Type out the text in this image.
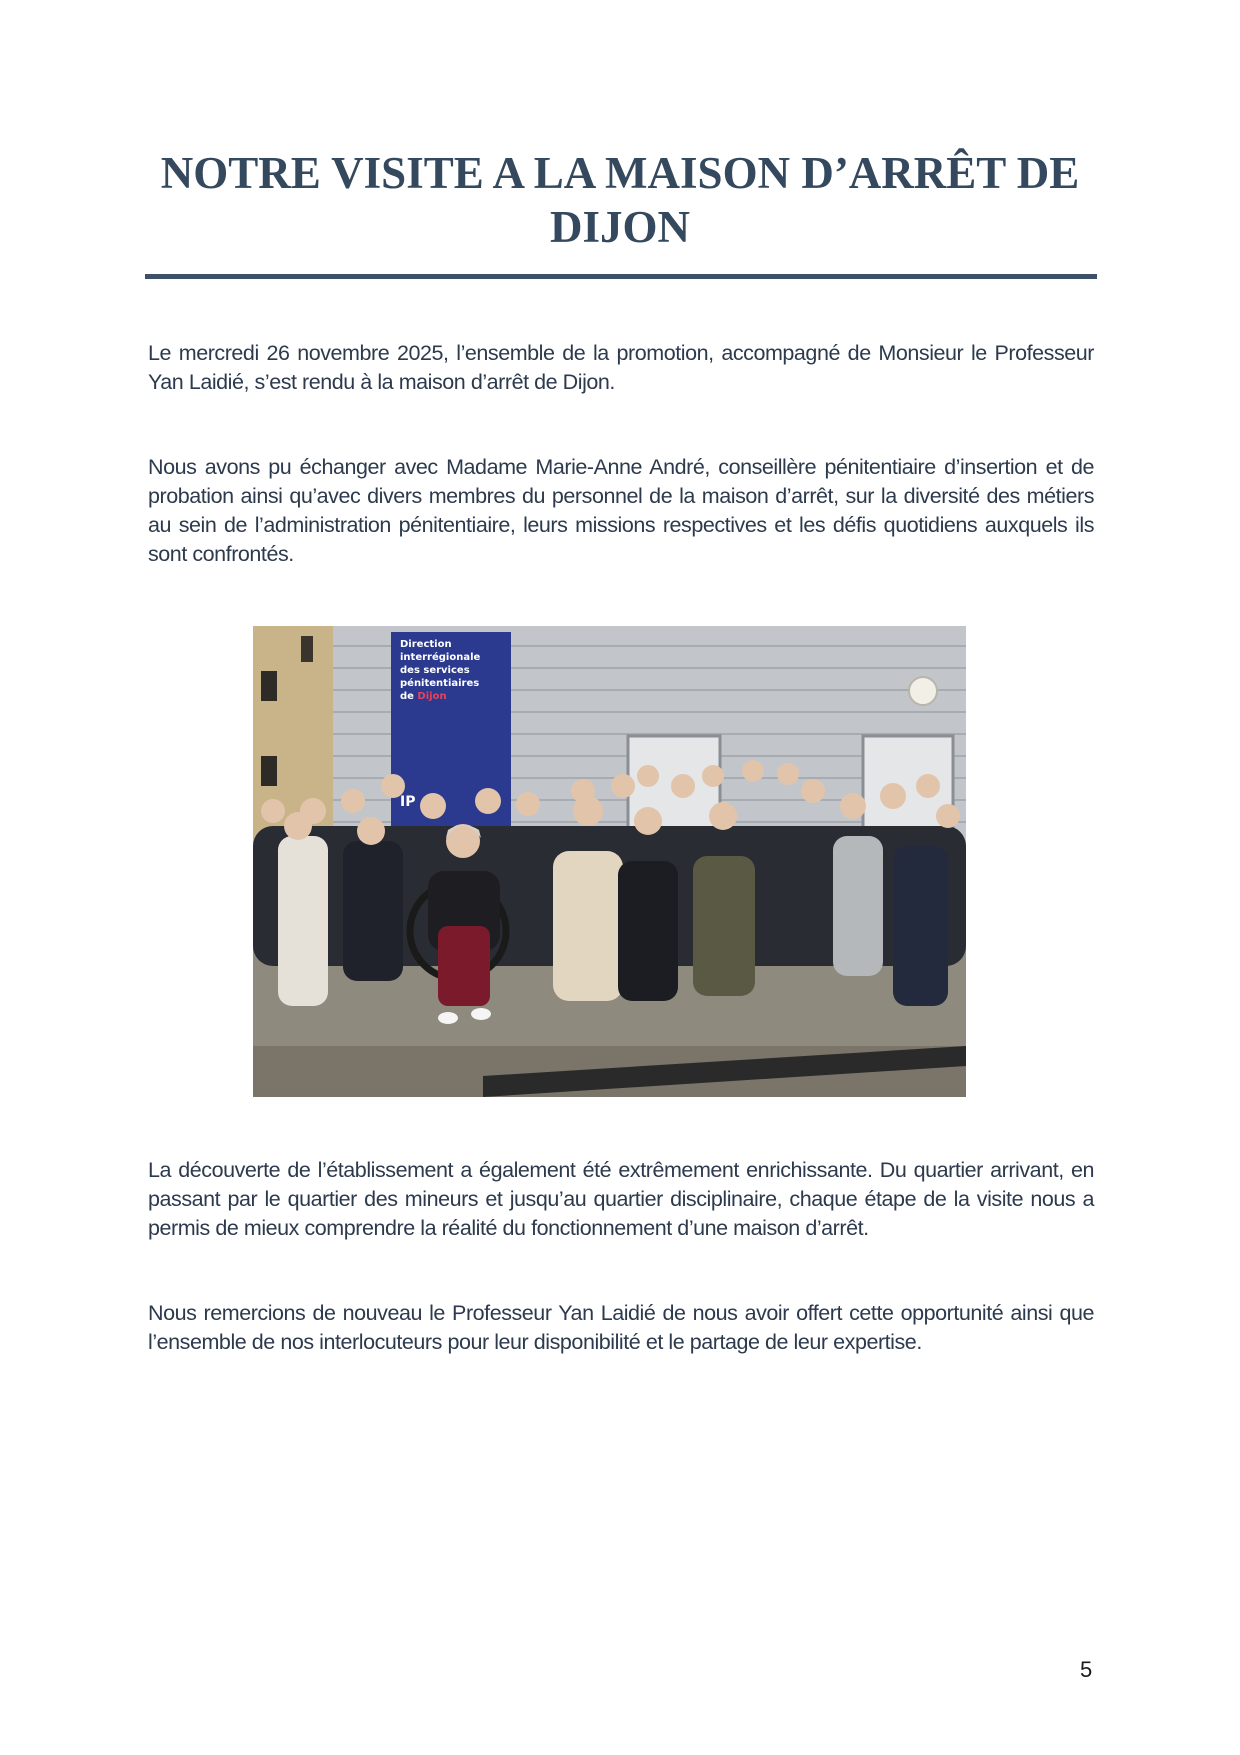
NOTRE VISITE A LA MAISON D’ARRÊT DE DIJON

Le mercredi 26 novembre 2025, l’ensemble de la promotion, accompagné de Monsieur le Professeur Yan Laidié, s’est rendu à la maison d’arrêt de Dijon.

Nous avons pu échanger avec Madame Marie-Anne André, conseillère pénitentiaire d’insertion et de probation ainsi qu’avec divers membres du personnel de la maison d’arrêt, sur la diversité des métiers au sein de l’administration pénitentiaire, leurs missions respectives et les défis quotidiens auxquels ils sont confrontés.

Direction
interrégionale
des services
pénitentiaires
de Dijon
IP

La découverte de l’établissement a également été extrêmement enrichissante. Du quartier arrivant, en passant par le quartier des mineurs et jusqu’au quartier disciplinaire, chaque étape de la visite nous a permis de mieux comprendre la réalité du fonctionnement d’une maison d’arrêt.

Nous remercions de nouveau le Professeur Yan Laidié de nous avoir offert cette opportunité ainsi que l’ensemble de nos interlocuteurs pour leur disponibilité et le partage de leur expertise.

5
